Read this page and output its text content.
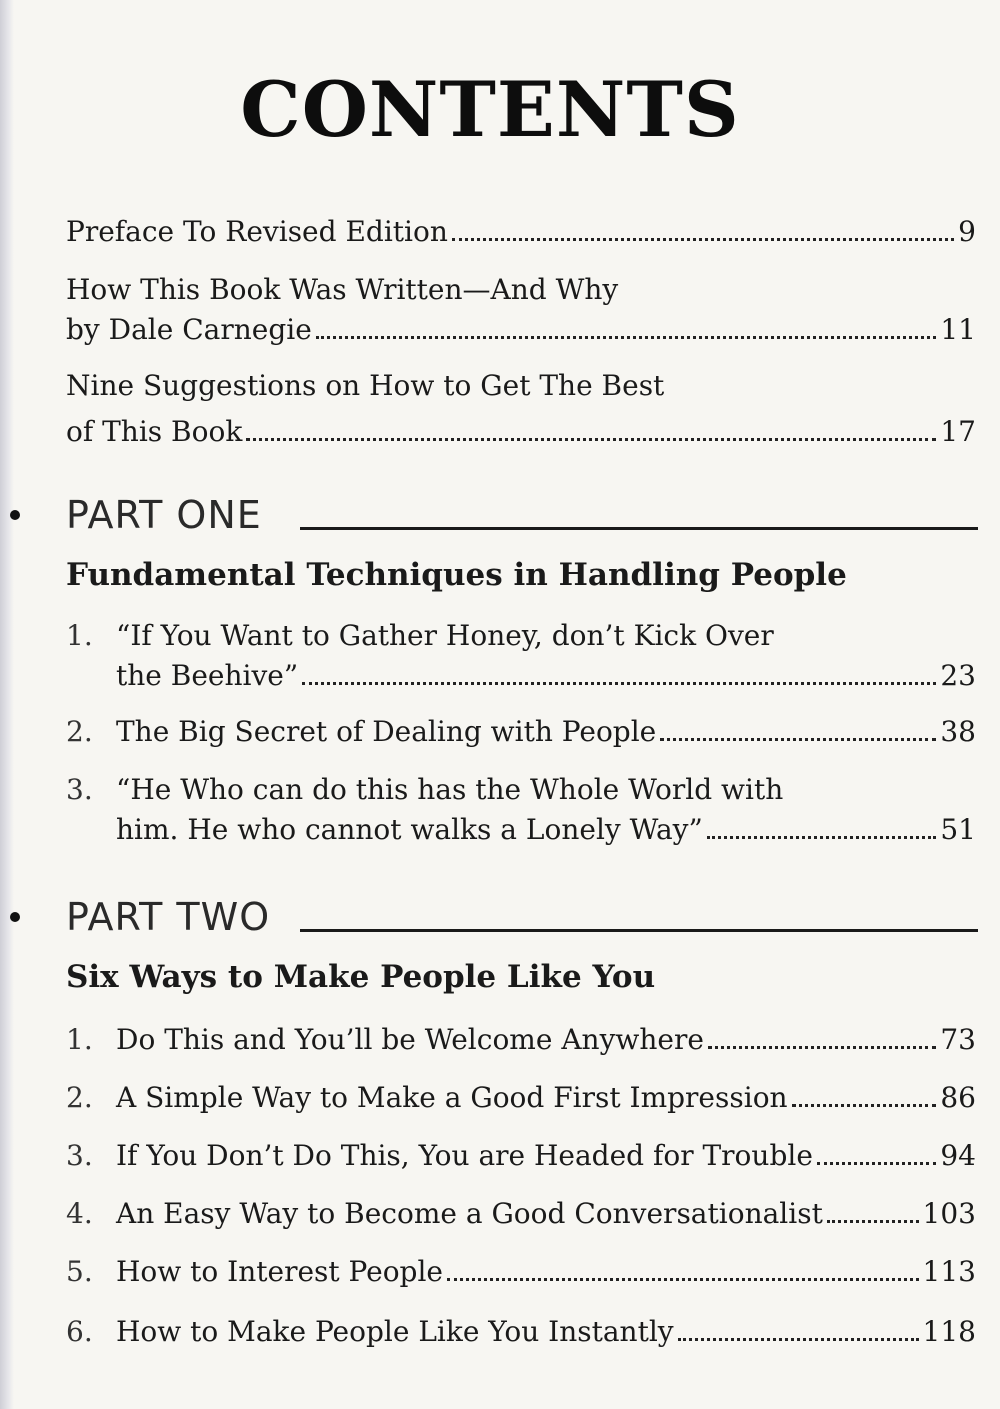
CONTENTS
Preface To Revised Edition	9
How This Book Was Written—And Why
by Dale Carnegie	11
Nine Suggestions on How to Get The Best
of This Book	17
PART ONE
Fundamental Techniques in Handling People
1. “If You Want to Gather Honey, don’t Kick Over
the Beehive”	23
2. The Big Secret of Dealing with People	38
3. “He Who can do this has the Whole World with
him. He who cannot walks a Lonely Way”	51
PART TWO
Six Ways to Make People Like You
1. Do This and You’ll be Welcome Anywhere	73
2. A Simple Way to Make a Good First Impression	86
3. If You Don’t Do This, You are Headed for Trouble	94
4. An Easy Way to Become a Good Conversationalist	103
5. How to Interest People	113
6. How to Make People Like You Instantly	118
